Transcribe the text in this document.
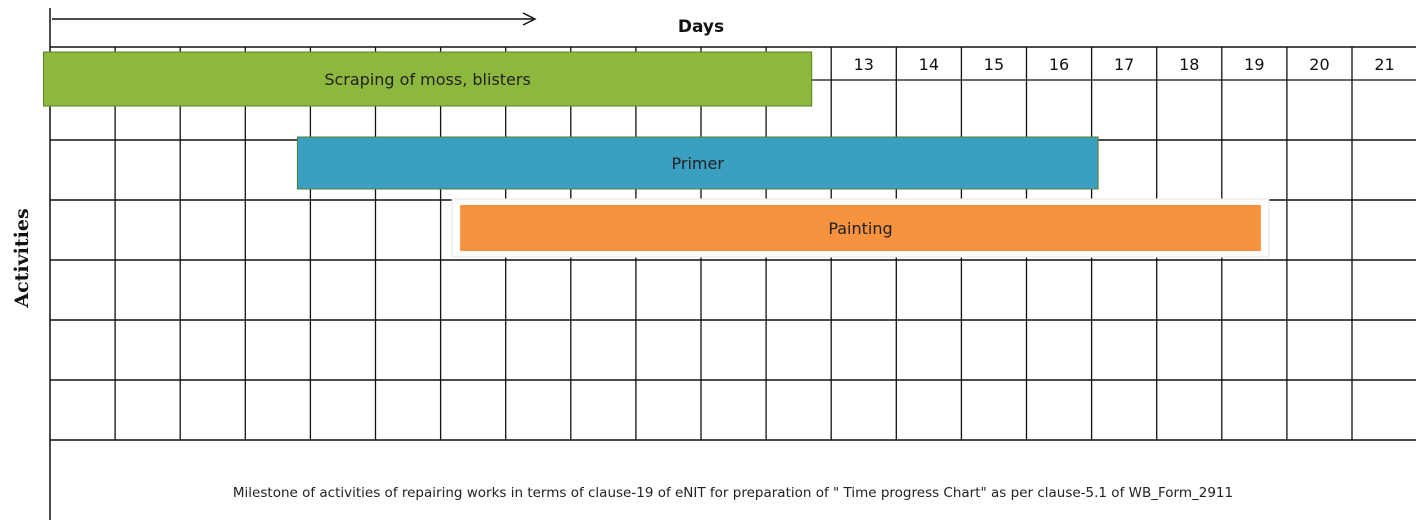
13	14	15	16	17	18	19	20	21
Scraping of moss, blisters
Primer
Painting
Days
Activities
Milestone of activities of repairing works in terms of clause-19 of eNIT for preparation of " Time progress Chart" as per clause-5.1 of WB_Form_2911
